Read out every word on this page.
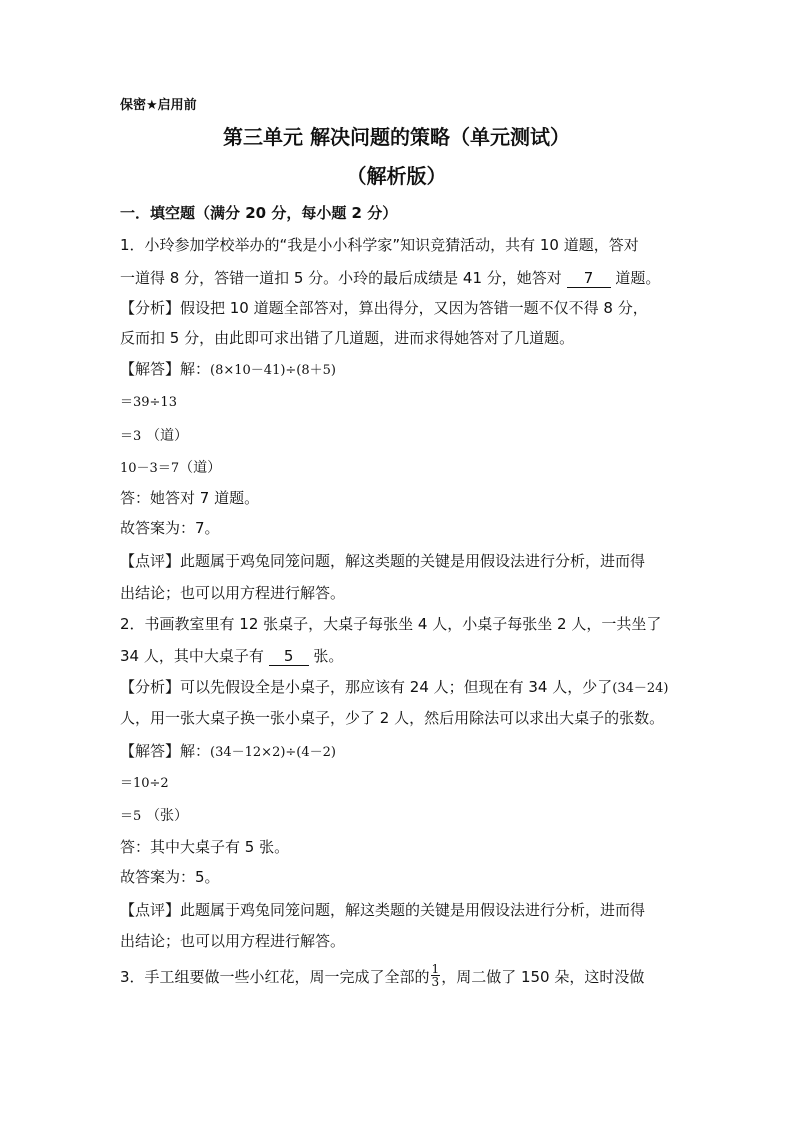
保密★启用前
第三单元 解决问题的策略（单元测试）
（解析版）
一．填空题（满分 20 分，每小题 2 分）
1．小玲参加学校举办的“我是小小科学家”知识竞猜活动，共有 10 道题，答对
一道得 8 分，答错一道扣 5 分。小玲的最后成绩是 41 分，她答对 7 道题。
【分析】假设把 10 道题全部答对，算出得分，又因为答错一题不仅不得 8 分，
反而扣 5 分，由此即可求出错了几道题，进而求得她答对了几道题。
【解答】解：(8×10－41)÷(8＋5)
＝39÷13
＝3 （道）
10－3＝7（道）
答：她答对 7 道题。
故答案为：7。
【点评】此题属于鸡兔同笼问题，解这类题的关键是用假设法进行分析，进而得
出结论；也可以用方程进行解答。
2．书画教室里有 12 张桌子，大桌子每张坐 4 人，小桌子每张坐 2 人，一共坐了
34 人，其中大桌子有 5 张。
【分析】可以先假设全是小桌子，那应该有 24 人；但现在有 34 人，少了(34－24)
人，用一张大桌子换一张小桌子，少了 2 人，然后用除法可以求出大桌子的张数。
【解答】解：(34－12×2)÷(4－2)
＝10÷2
＝5 （张）
答：其中大桌子有 5 张。
故答案为：5。
【点评】此题属于鸡兔同笼问题，解这类题的关键是用假设法进行分析，进而得
出结论；也可以用方程进行解答。
3．手工组要做一些小红花，周一完成了全部的 $\frac{1}{3}$ ，周二做了 150 朵，这时没做
